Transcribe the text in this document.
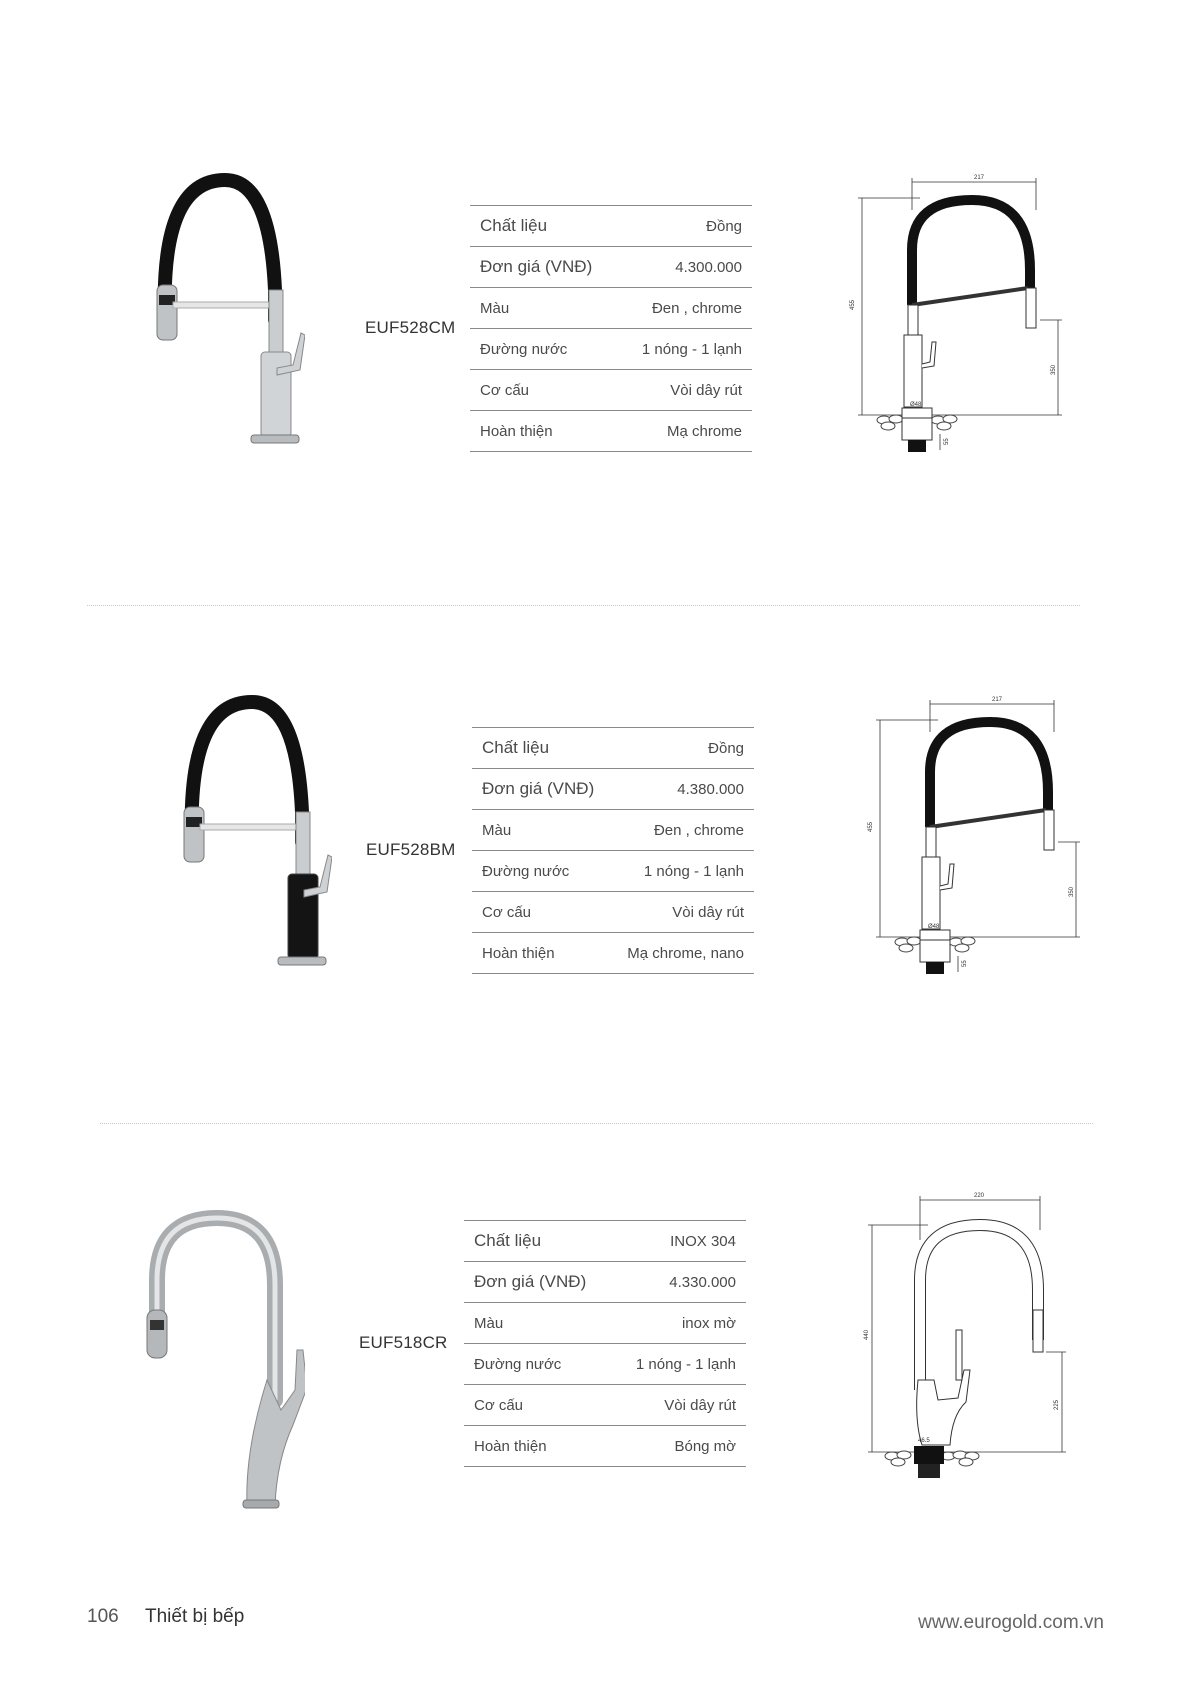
EUF528CM
Chất liệu	Đồng
Đơn giá (VNĐ)	4.300.000
Màu	Đen , chrome
Đường nước	1 nóng - 1 lạnh
Cơ cấu	Vòi dây rút
Hoàn thiện	Mạ chrome
217
455
350
Ø48
55
EUF528BM
Chất liệu	Đồng
Đơn giá (VNĐ)	4.380.000
Màu	Đen , chrome
Đường nước	1 nóng - 1 lạnh
Cơ cấu	Vòi dây rút
Hoàn thiện	Mạ chrome, nano
217
455
350
Ø48
55
EUF518CR
Chất liệu	INOX 304
Đơn giá (VNĐ)	4.330.000
Màu	inox mờ
Đường nước	1 nóng - 1 lạnh
Cơ cấu	Vòi dây rút
Hoàn thiện	Bóng mờ
220
440
225
46.5
106 Thiết bị bếp	www.eurogold.com.vn
